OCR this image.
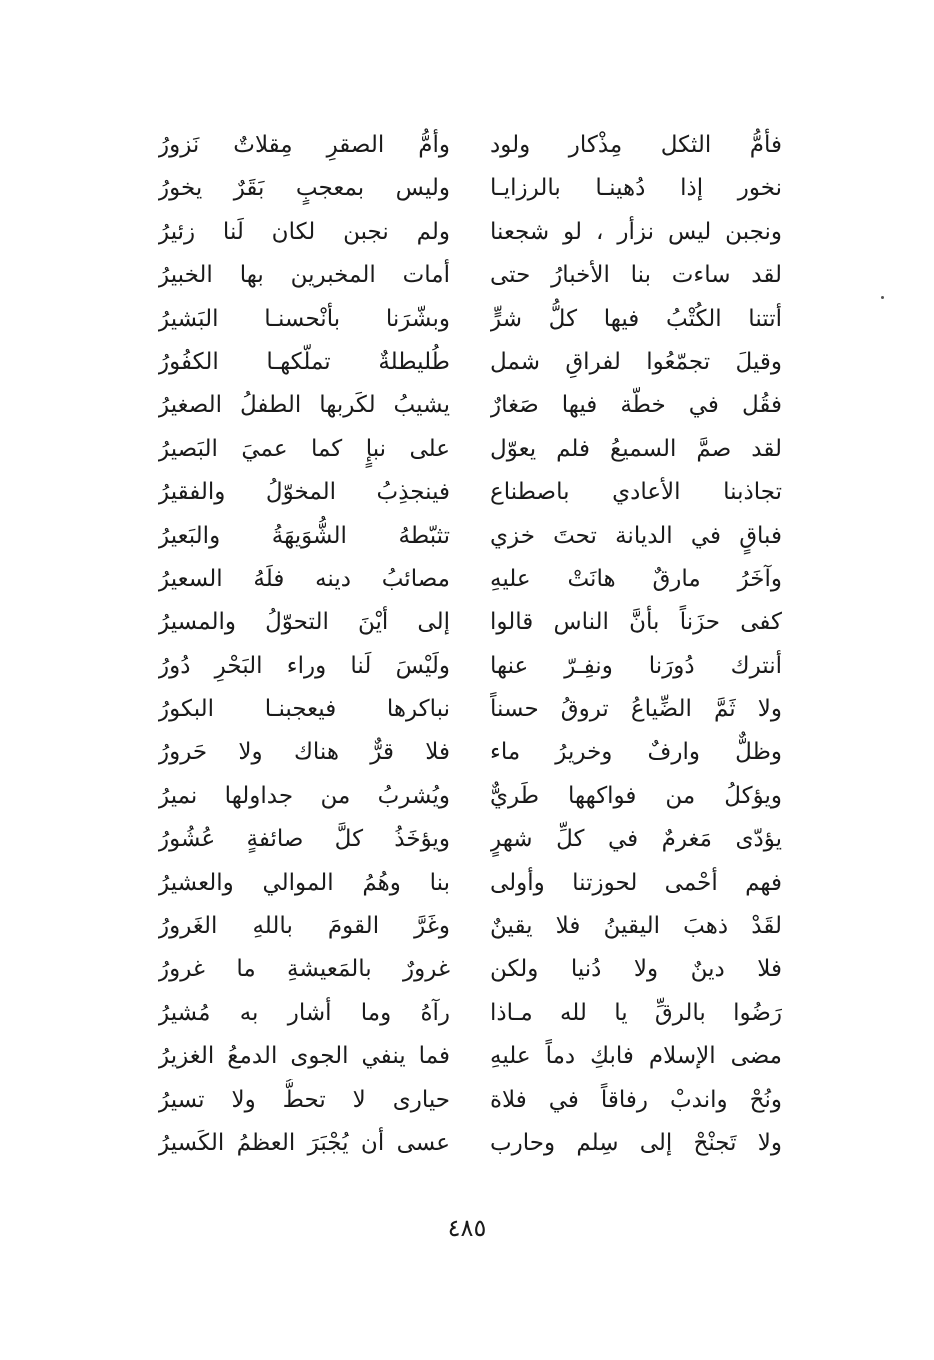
فأمُّ الثكل مِذْكار ولود
وأمُّ الصقرِ مِقلاتٌ نَزورُ
نخور إذا دُهينـا بالرزايـا
وليس بمعجبٍ بَقَرٌ يخورُ
ونجبن ليس نزأر ، لو شجعنا
ولم نجبن لكان لَنا زئيرُ
لقد ساءت بنا الأخبارُ حتى
أمات المخبرين بها الخبيرُ
أتتنا الكُتْبُ فيها كلُّ شرٍّ
وبشّرَنا بأنْحسنـا البَشيرُ
وقيلَ تجمّعُوا لفراقِ شمل
طُليطلةٌ تملّكهـا الكفُورُ
فقُل في خطّة فيها صَغارٌ
يشيبُ لكَربها الطفلُ الصغيرُ
لقد صمَّ السميعُ فلم يعوّل
على نبإٍ كما عميَ البَصيرُ
تجاذبنا الأعادي باصطناع
فينجذِبُ المخوّلُ والفقيرُ
فباقٍ في الديانة تحتَ خزي
تثبّطهُ الشُّوَيهَةُ والبَعيرُ
وآخَرُ مارقٌ هانَتْ عليهِ
مصائبُ دينه فلَهُ السعيرُ
كفى حزَناً بأنَّ الناس قالوا
إلى أيْنَ التحوّلُ والمسيرُ
أنترك دُورَنا ونفِـرّ عنها
ولَيْسَ لَنا وراء البَحْرِ دُورُ
ولا ثَمَّ الضِّياعُ تروقُ حسناً
نباكرها فيعجبنـا البكورُ
وظلٌّ وارفٌ وخريرُ ماء
فلا قرٌّ هناك ولا حَرورُ
ويؤكلُ من فواكهها طَريٌّ
ويُشربُ من جداولها نميرُ
يؤدّى مَغرمٌ في كلِّ شهرٍ
ويؤخَذُ كلَّ صائفةٍ عُشُورُ
فهم أحْمى لحوزتنا وأولى
بنا وهُمُ الموالي والعشيرُ
لقَدْ ذهبَ اليقينُ فلا يقينٌ
وغَرَّ القومَ باللهِ الغَرورُ
فلا دينٌ ولا دُنيا ولكن
غرورٌ بالمَعيشةِ ما غرورُ
رَضُوا بالرقِّ يا لله مـاذا
رآهُ وما أشار به مُشيرُ
مضى الإسلام فابكِ دماً عليهِ
فما ينفي الجوى الدمعُ الغزيرُ
ونُحْ واندبْ رفاقاً في فلاة
حيارى لا تحطُّ ولا تسيرُ
ولا تَجنْحْ إلى سِلم وحارب
عسى أن يُجْبَرَ العظمُ الكَسيرُ
٤٨٥
